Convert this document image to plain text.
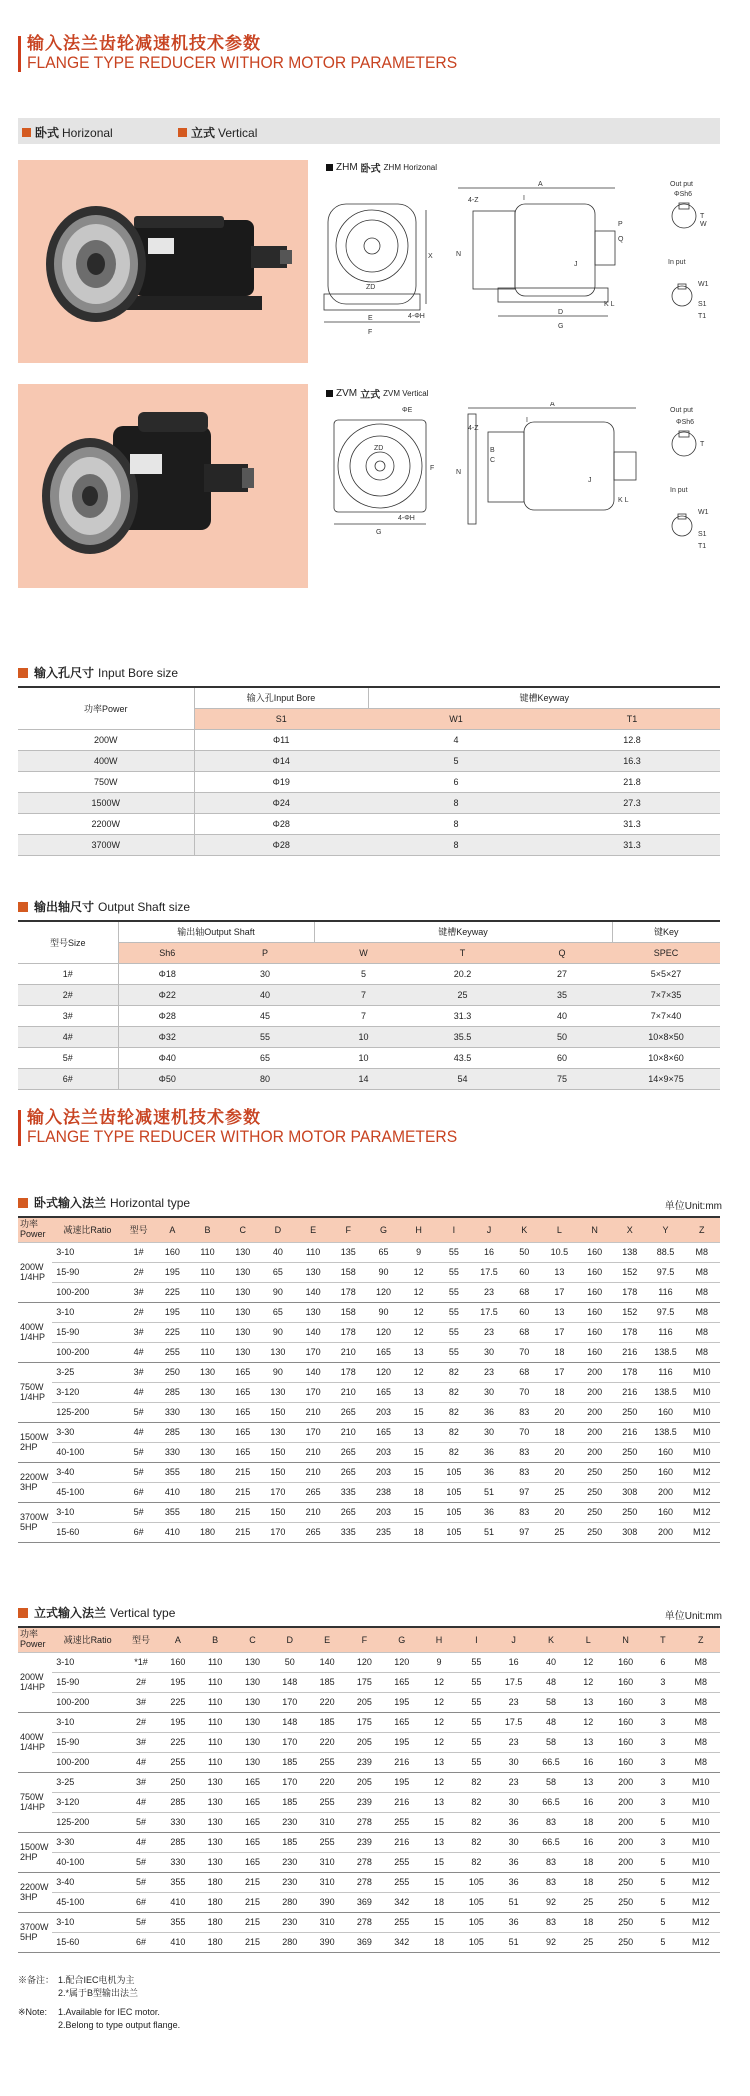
输入法兰齿轮减速机技术参数
FLANGE TYPE REDUCER WITHOR MOTOR PARAMETERS
卧式 Horizonal	立式 Vertical
ZHM 卧式 ZHM Horizonal
ZD
E
F
X
4-ΦH
A
4-Z
N
D
G
I
K L
P
Q
J
Out put
ΦSh6
T
W
In put
W1
S1
T1
ZVM 立式 ZVM Vertical
ZD
G
4-ΦH
ΦE
F
A
4-Z
N
B
C
I
J
K L
Out put
ΦSh6
T
In put
W1
S1
T1
输入孔尺寸 Input Bore size
功率Power	输入孔Input Bore	键槽Keyway	
	S1	W1	T1
200W	Φ11	4	12.8
400W	Φ14	5	16.3
750W	Φ19	6	21.8
1500W	Φ24	8	27.3
2200W	Φ28	8	31.3
3700W	Φ28	8	31.3
输出轴尺寸 Output Shaft size
型号Size	输出轴Output Shaft		键槽Keyway			键Key
	Sh6	P	W	T	Q	SPEC
1#	Φ18	30	5	20.2	27	5×5×27
2#	Φ22	40	7	25	35	7×7×35
3#	Φ28	45	7	31.3	40	7×7×40
4#	Φ32	55	10	35.5	50	10×8×50
5#	Φ40	65	10	43.5	60	10×8×60
6#	Φ50	80	14	54	75	14×9×75
输入法兰齿轮减速机技术参数
FLANGE TYPE REDUCER WITHOR MOTOR PARAMETERS
卧式输入法兰 Horizontal type	单位Unit:mm
功率
Power	减速比Ratio	型号	A	B	C	D	E	F	G	H	I	J	K	L	N	X	Y	Z
200W
1/4HP	3-10	1#	160	110	130	40	110	135	65	9	55	16	50	10.5	160	138	88.5	M8
	15-90	2#	195	110	130	65	130	158	90	12	55	17.5	60	13	160	152	97.5	M8
	100-200	3#	225	110	130	90	140	178	120	12	55	23	68	17	160	178	116	M8
400W
1/4HP	3-10	2#	195	110	130	65	130	158	90	12	55	17.5	60	13	160	152	97.5	M8
	15-90	3#	225	110	130	90	140	178	120	12	55	23	68	17	160	178	116	M8
	100-200	4#	255	110	130	130	170	210	165	13	55	30	70	18	160	216	138.5	M8
750W
1/4HP	3-25	3#	250	130	165	90	140	178	120	12	82	23	68	17	200	178	116	M10
	3-120	4#	285	130	165	130	170	210	165	13	82	30	70	18	200	216	138.5	M10
	125-200	5#	330	130	165	150	210	265	203	15	82	36	83	20	200	250	160	M10
1500W
2HP	3-30	4#	285	130	165	130	170	210	165	13	82	30	70	18	200	216	138.5	M10
	40-100	5#	330	130	165	150	210	265	203	15	82	36	83	20	200	250	160	M10
2200W
3HP	3-40	5#	355	180	215	150	210	265	203	15	105	36	83	20	250	250	160	M12
	45-100	6#	410	180	215	170	265	335	238	18	105	51	97	25	250	308	200	M12
3700W
5HP	3-10	5#	355	180	215	150	210	265	203	15	105	36	83	20	250	250	160	M12
	15-60	6#	410	180	215	170	265	335	235	18	105	51	97	25	250	308	200	M12
立式输入法兰 Vertical type	单位Unit:mm
功率
Power	减速比Ratio	型号	A	B	C	D	E	F	G	H	I	J	K	L	N	T	Z
200W
1/4HP	3-10	*1#	160	110	130	50	140	120	120	9	55	16	40	12	160	6	M8
	15-90	2#	195	110	130	148	185	175	165	12	55	17.5	48	12	160	3	M8
	100-200	3#	225	110	130	170	220	205	195	12	55	23	58	13	160	3	M8
400W
1/4HP	3-10	2#	195	110	130	148	185	175	165	12	55	17.5	48	12	160	3	M8
	15-90	3#	225	110	130	170	220	205	195	12	55	23	58	13	160	3	M8
	100-200	4#	255	110	130	185	255	239	216	13	55	30	66.5	16	160	3	M8
750W
1/4HP	3-25	3#	250	130	165	170	220	205	195	12	82	23	58	13	200	3	M10
	3-120	4#	285	130	165	185	255	239	216	13	82	30	66.5	16	200	3	M10
	125-200	5#	330	130	165	230	310	278	255	15	82	36	83	18	200	5	M10
1500W
2HP	3-30	4#	285	130	165	185	255	239	216	13	82	30	66.5	16	200	3	M10
	40-100	5#	330	130	165	230	310	278	255	15	82	36	83	18	200	5	M10
2200W
3HP	3-40	5#	355	180	215	230	310	278	255	15	105	36	83	18	250	5	M12
	45-100	6#	410	180	215	280	390	369	342	18	105	51	92	25	250	5	M12
3700W
5HP	3-10	5#	355	180	215	230	310	278	255	15	105	36	83	18	250	5	M12
	15-60	6#	410	180	215	280	390	369	342	18	105	51	92	25	250	5	M12
※备注： 1.配合IEC电机为主
2.*属于B型输出法兰
※Note: 1.Available for IEC motor.
2.Belong to type output flange.
